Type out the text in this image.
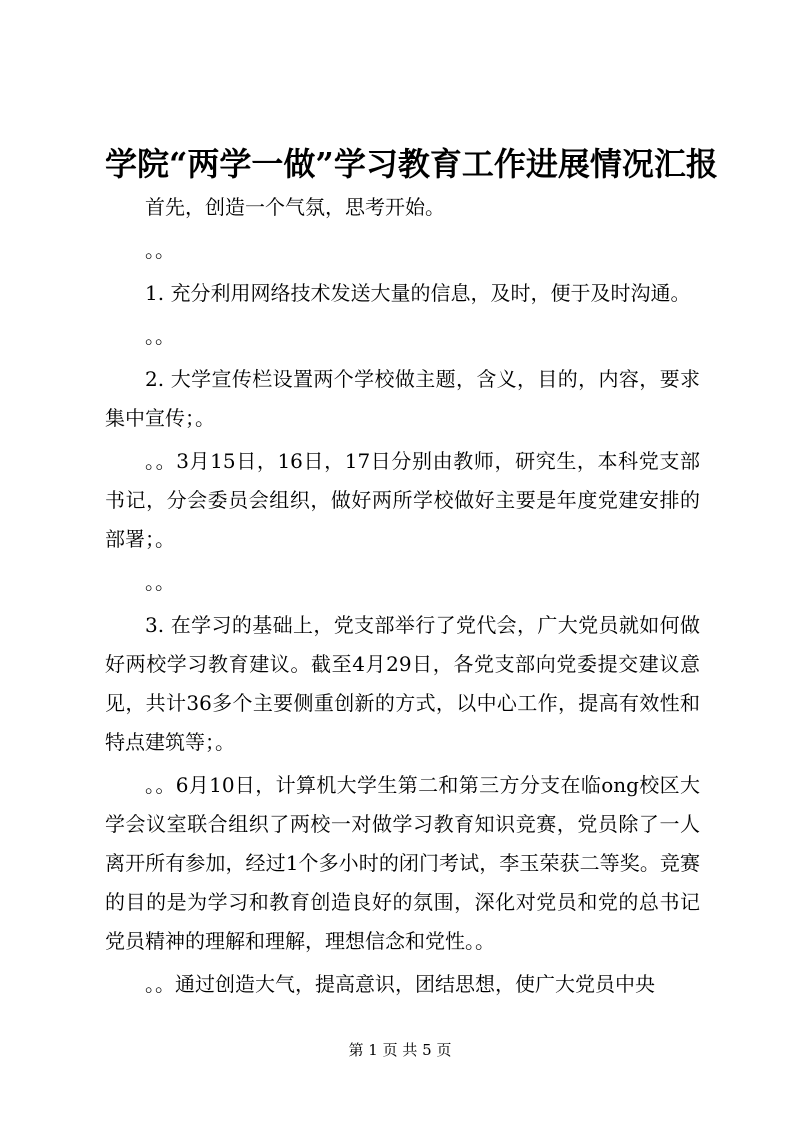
学院“两学一做”学习教育工作进展情况汇报

首先，创造一个气氛，思考开始。

。。

1. 充分利用网络技术发送大量的信息，及时，便于及时沟通。

。。

2. 大学宣传栏设置两个学校做主题，含义，目的，内容，要求集中宣传；。

。。3月15日，16日，17日分别由教师，研究生，本科党支部书记，分会委员会组织，做好两所学校做好主要是年度党建安排的部署；。

。。

3. 在学习的基础上，党支部举行了党代会，广大党员就如何做好两校学习教育建议。截至4月29日，各党支部向党委提交建议意见，共计36多个主要侧重创新的方式，以中心工作，提高有效性和特点建筑等；。

。。6月10日，计算机大学生第二和第三方分支在临ong校区大学会议室联合组织了两校一对做学习教育知识竞赛，党员除了一人离开所有参加，经过1个多小时的闭门考试，李玉荣获二等奖。竞赛的目的是为学习和教育创造良好的氛围，深化对党员和党的总书记党员精神的理解和理解，理想信念和党性。。

。。通过创造大气，提高意识，团结思想，使广大党员中央

第 1 页 共 5 页
